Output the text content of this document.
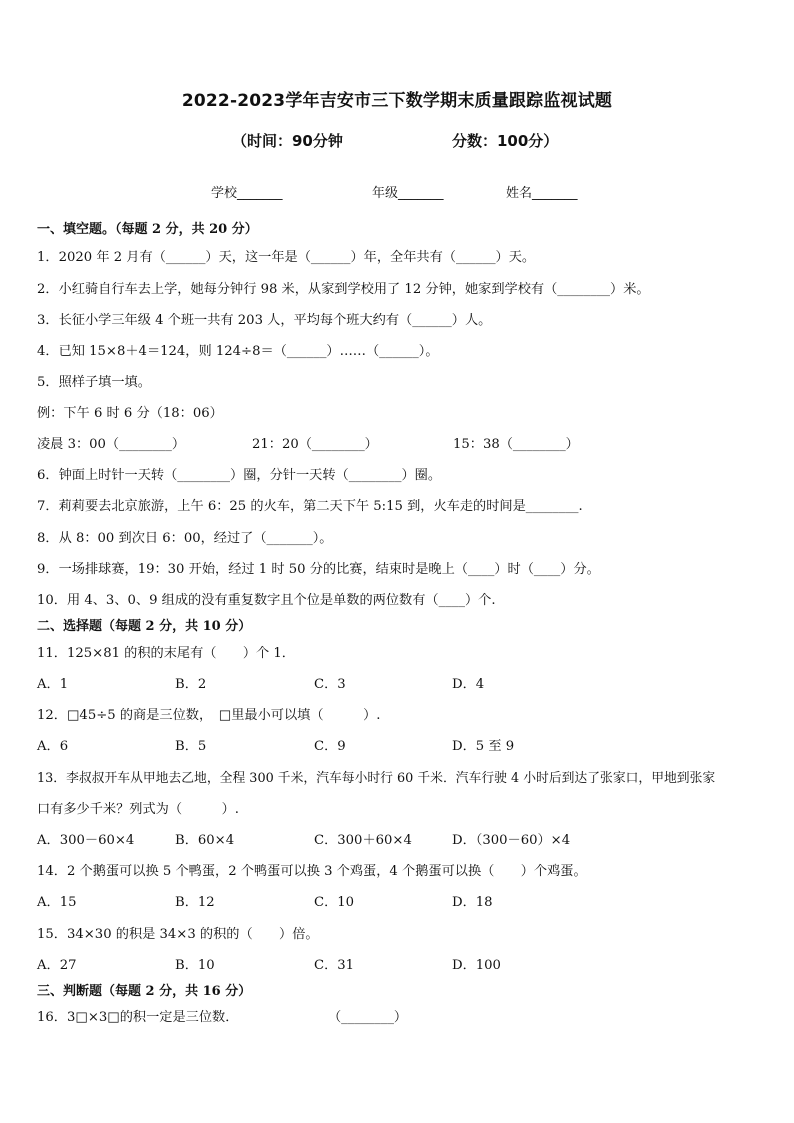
2022-2023学年吉安市三下数学期末质量跟踪监视试题
（时间：90分钟	分数：100分）
学校_______	年级_______	姓名_______
一、填空题。（每题 2 分，共 20 分）
1．2020 年 2 月有（______）天，这一年是（______）年，全年共有（______）天。
2．小红骑自行车去上学，她每分钟行 98 米，从家到学校用了 12 分钟，她家到学校有（________）米。
3．长征小学三年级 4 个班一共有 203 人，平均每个班大约有（______）人。
4．已知 15×8＋4＝124，则 124÷8＝（______）……（______）。
5．照样子填一填。
例：下午 6 时 6 分（18：06）
凌晨 3：00（________）	21：20（________）	15：38（________）
6．钟面上时针一天转（________）圈，分针一天转（________）圈。
7．莉莉要去北京旅游，上午 6：25 的火车，第二天下午 5:15 到，火车走的时间是________.
8．从 8：00 到次日 6：00，经过了（_______）。
9．一场排球赛，19：30 开始，经过 1 时 50 分的比赛，结束时是晚上（____）时（____）分。
10．用 4、3、0、9 组成的没有重复数字且个位是单数的两位数有（____）个.
二、选择题（每题 2 分，共 10 分）
11．125×81 的积的末尾有（　　）个 1．
A．1	B．2	C．3	D．4
12．□45÷5 的商是三位数，　□里最小可以填（　　　）.
A．6	B．5	C．9	D．5 至 9
13．李叔叔开车从甲地去乙地，全程 300 千米，汽车每小时行 60 千米．汽车行驶 4 小时后到达了张家口，甲地到张家
口有多少千米？列式为（　　　）.
A．300－60×4	B．60×4	C．300＋60×4	D．（300－60）×4
14．2 个鹅蛋可以换 5 个鸭蛋，2 个鸭蛋可以换 3 个鸡蛋，4 个鹅蛋可以换（　　）个鸡蛋。
A．15	B．12	C．10	D．18
15．34×30 的积是 34×3 的积的（　　）倍。
A．27	B．10	C．31	D．100
三、判断题（每题 2 分，共 16 分）
16．3□×3□的积一定是三位数．	（________）
